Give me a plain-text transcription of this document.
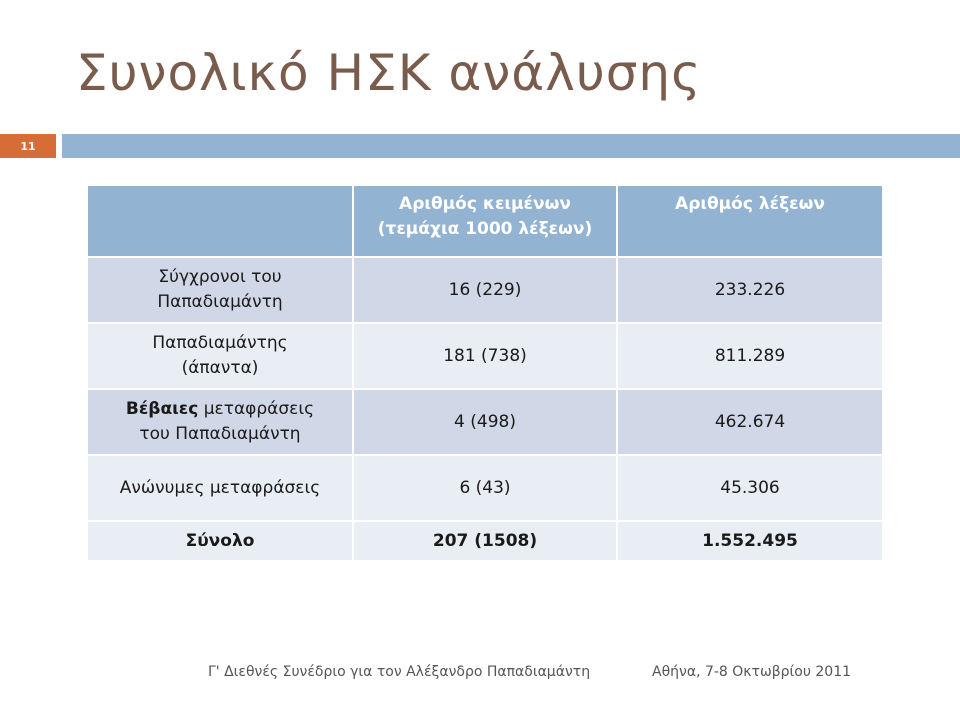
Συνολικό ΗΣΚ ανάλυσης
11
	Αριθμός κειμένων (τεμάχια 1000 λέξεων)	Αριθμός λέξεων

Σύγχρονοι του
Παπαδιαμάντη	16 (229)	233.226

Παπαδιαμάντης
(άπαντα)	181 (738)	811.289

Βέβαιες μεταφράσεις
του Παπαδιαμάντη	4 (498)	462.674

Ανώνυμες μεταφράσεις	6 (43)	45.306
Σύνολο	207 (1508)	1.552.495
Γ' Διεθνές Συνέδριο για τον Αλέξανδρο Παπαδιαμάντη	Αθήνα, 7-8 Οκτωβρίου 2011
